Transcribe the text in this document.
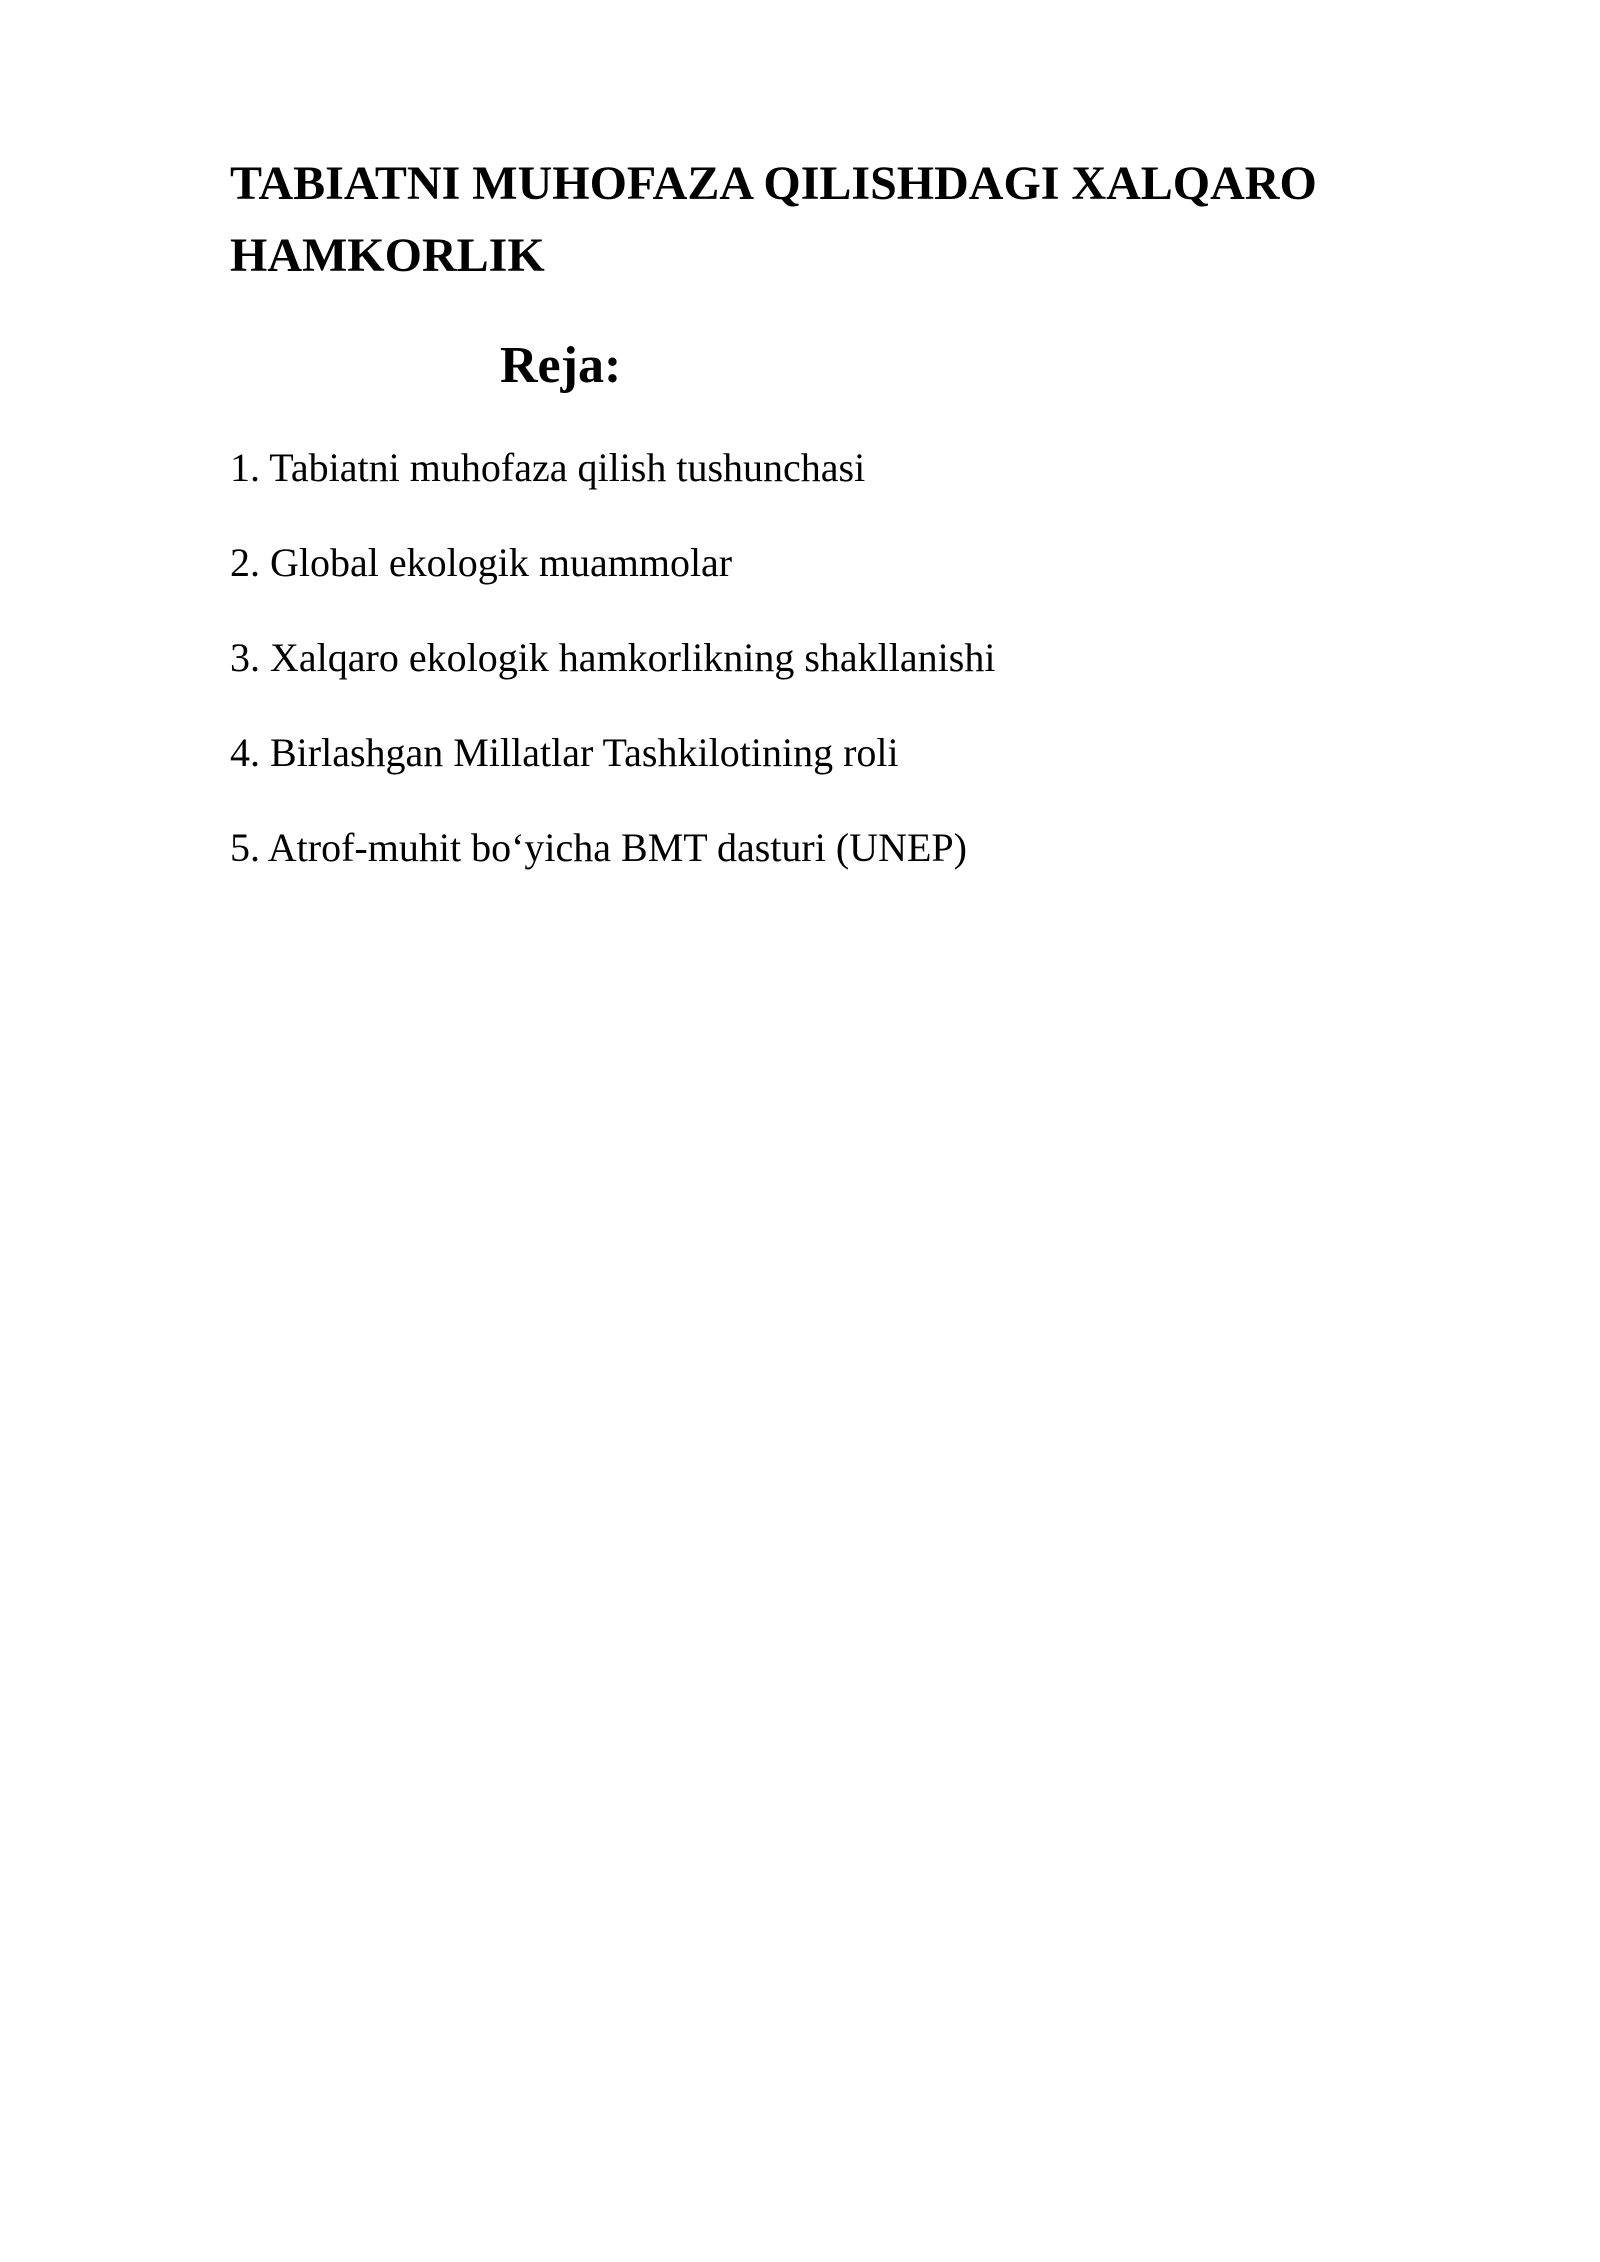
TABIATNI MUHOFAZA QILISHDAGI XALQARO HAMKORLIK
Reja:
1. Tabiatni muhofaza qilish tushunchasi
2. Global ekologik muammolar
3. Xalqaro ekologik hamkorlikning shakllanishi
4. Birlashgan Millatlar Tashkilotining roli
5. Atrof-muhit bo‘yicha BMT dasturi (UNEP)
